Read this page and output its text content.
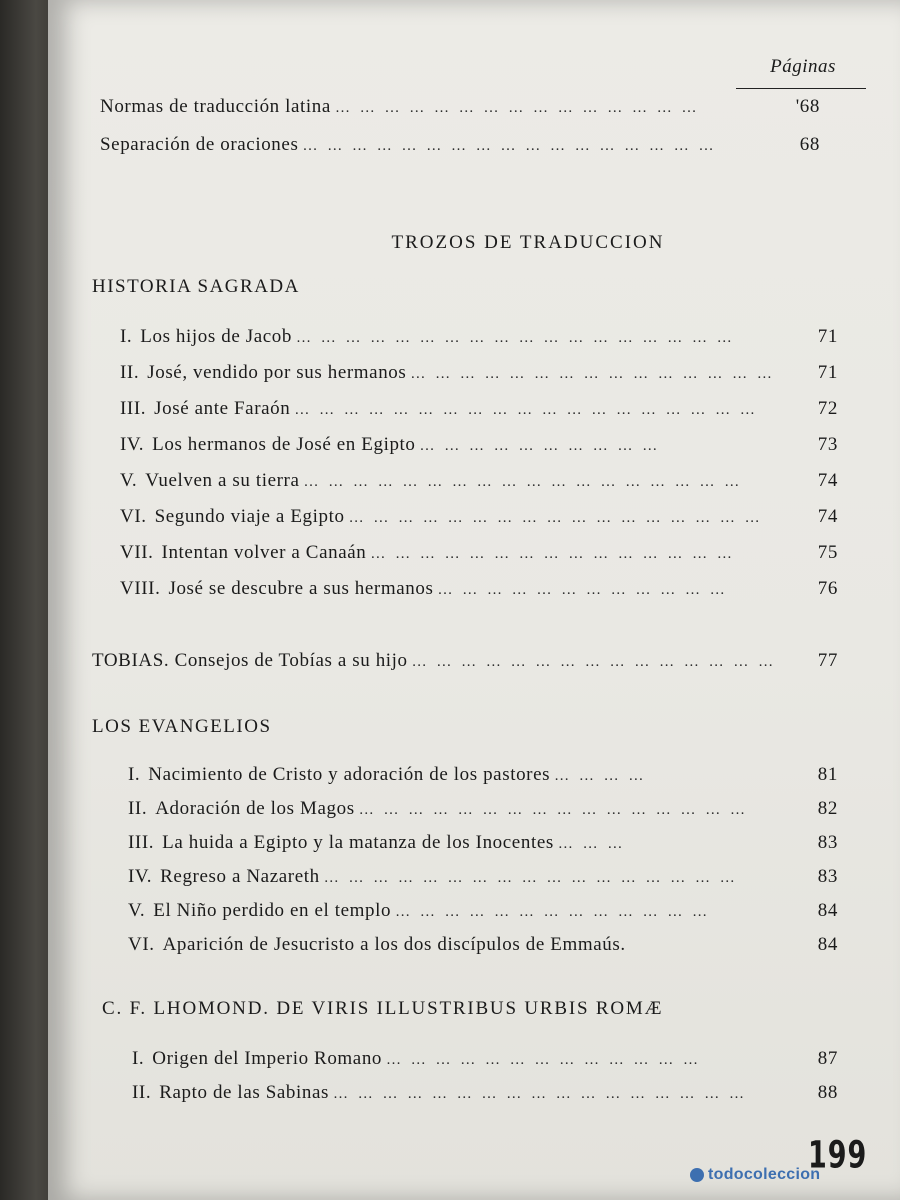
Páginas
Normas de traducción latina … … … … … … … … … … … … … … …	'68
Separación de oraciones … … … … … … … … … … … … … … … … …	68
TROZOS DE TRADUCCION
HISTORIA SAGRADA
I. Los hijos de Jacob … … … … … … … … … … … … … … … … … …	71
II. José, vendido por sus hermanos … … … … … … … … … … … … … … …	71
III. José ante Faraón … … … … … … … … … … … … … … … … … … …	72
IV. Los hermanos de José en Egipto … … … … … … … … … …	73
V. Vuelven a su tierra … … … … … … … … … … … … … … … … … …	74
VI. Segundo viaje a Egipto … … … … … … … … … … … … … … … … …	74
VII. Intentan volver a Canaán … … … … … … … … … … … … … … …	75
VIII. José se descubre a sus hermanos … … … … … … … … … … … …	76
TOBIAS. Consejos de Tobías a su hijo … … … … … … … … … … … … … … …	77
LOS EVANGELIOS
I. Nacimiento de Cristo y adoración de los pastores … … … …	81
II. Adoración de los Magos … … … … … … … … … … … … … … … …	82
III. La huida a Egipto y la matanza de los Inocentes … … …	83
IV. Regreso a Nazareth … … … … … … … … … … … … … … … … …	83
V. El Niño perdido en el templo … … … … … … … … … … … … …	84
VI. Aparición de Jesucristo a los dos discípulos de Emmaús.	84
C. F. LHOMOND. DE VIRIS ILLUSTRIBUS URBIS ROMÆ
I. Origen del Imperio Romano … … … … … … … … … … … … …	87
II. Rapto de las Sabinas … … … … … … … … … … … … … … … … …	88
199
todocoleccion
